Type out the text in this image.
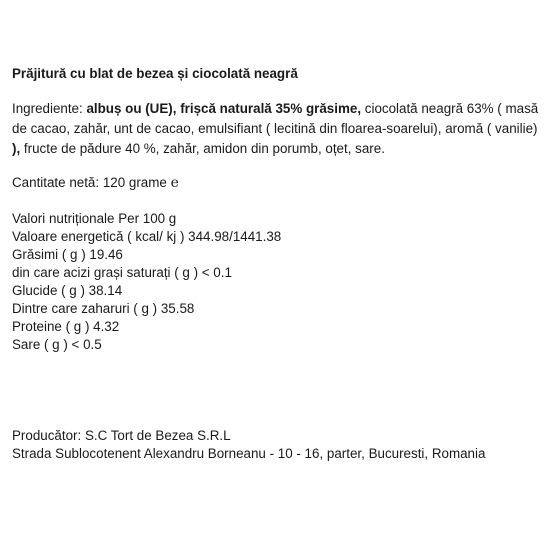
Prăjitură cu blat de bezea și ciocolată neagră
Ingrediente: albuș ou (UE), frișcă naturală 35% grăsime, ciocolată neagră 63% ( masă de cacao, zahăr, unt de cacao, emulsifiant ( lecitină din floarea-soarelui), aromă ( vanilie) ), fructe de pădure 40 %, zahăr, amidon din porumb, oțet, sare.
Cantitate netă: 120 grame e
Valori nutriționale Per 100 g
Valoare energetică ( kcal/ kj ) 344.98/1441.38
Grăsimi ( g ) 19.46
din care acizi grași saturați ( g ) < 0.1
Glucide ( g ) 38.14
Dintre care zaharuri ( g ) 35.58
Proteine ( g ) 4.32
Sare ( g ) < 0.5
Producător: S.C Tort de Bezea S.R.L
Strada Sublocotenent Alexandru Borneanu - 10 - 16, parter, Bucuresti, Romania
